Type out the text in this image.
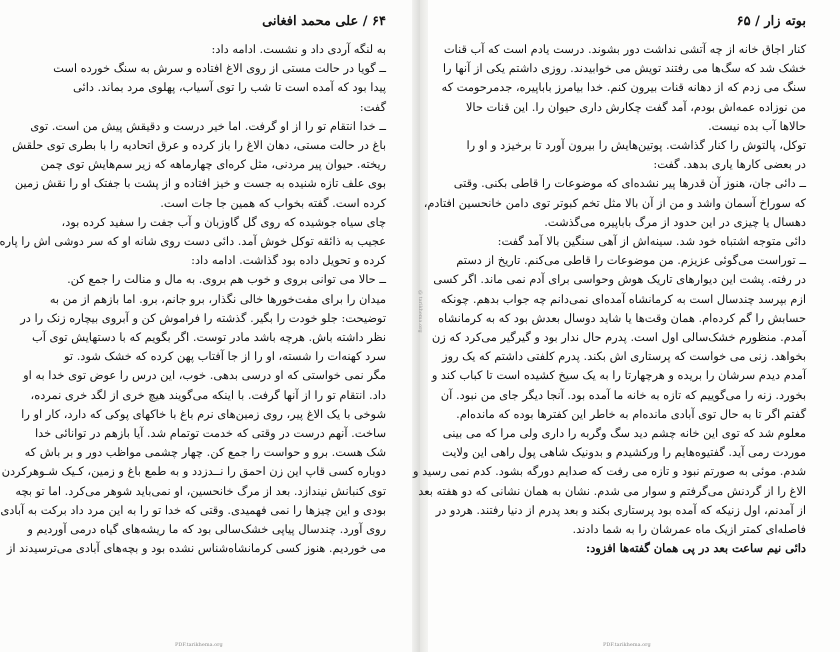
۶۴ / علی محمد افغانی
به لنگه آردی داد و نشست. ادامه داد:
ــ گویا در حالت مستی از روی الاغ افتاده و سرش به سنگ خورده است
پیدا بود که آمده است تا شب را توی آسیاب، پهلوی مرد بماند. دائی
گفت:
ــ خدا انتقام تو را از او گرفت. اما خیر درست و دقیقش پیش من است. توی
باغ در حالت مستی، دهان الاغ را باز کرده و عرق اتحادیه را با بطری توی حلقش
ریخته. حیوان پیر مردنی، مثل کره‌ای چهارماهه که زیر سم‌هایش توی چمن
بوی علف تازه شنیده به جست و خیز افتاده و از پشت با جفتک او را نقش زمین
کرده است. گفته بخواب که همین جا جات است.
چای سیاه جوشیده که روی گل گاوزبان و آب جفت را سفید کرده بود،
عجیب به ذائقه توکل خوش آمد. دائی دست روی شانه او که سر دوشی اش را پاره
کرده و تحویل داده بود گذاشت. ادامه داد:
ــ حالا می توانی بروی و خوب هم بروی. به مال و منالت را جمع کن.
میدان را برای مفت‌خورها خالی نگذار، برو جانم، برو. اما بازهم از من به
توضیحت: جلو خودت را بگیر. گذشته را فراموش کن و آبروی بیچاره زنک را در
نظر داشته باش. هرچه باشد مادر توست. اگر بگویم که با دستهایش توی آب
سرد کهنه‌ات را شسته، او را از جا آفتاب پهن کرده که خشک شود. تو
مگر نمی خواستی که او درسی بدهی. خوب، این درس را عوض توی خدا به او
داد. انتقام تو را از آنها گرفت. با اینکه می‌گویند هیچ خری از لگد خری نمرده،
شوخی با یک الاغ پیر، روی زمین‌های نرم باغ با خاکهای پوکی که دارد، کار او را
ساخت. آنهم درست در وقتی که خدمت توتمام شد. آیا بازهم در توانائی خدا
شک هست. برو و حواست را جمع کن. چهار چشمی مواظب دور و بر باش که
دوباره کسی قاپ این زن احمق را نــدزدد و به طمع باغ و زمین، کـیک شـوهرکردن
توی کنبانش نیندازد. بعد از مرگ خانحسین، او نمی‌باید شوهر می‌کرد. اما تو بچه
بودی و این چیزها را نمی فهمیدی. وقتی که خدا تو را به این مرد داد برکت به آبادی
روی آورد. چندسال پیاپی خشک‌سالی بود که ما ریشه‌های گیاه درمی آوردیم و
می خوردیم. هنوز کسی کرمانشاه‌شناس نشده بود و بچه‌های آبادی می‌ترسیدند از
PDF.tarikhema.org
@ tarikhema.org
بوته زار / ۶۵
کنار اجاق خانه از چه آتشی نداشت دور بشوند. درست یادم است که آب قنات
خشک شد که سگ‌ها می رفتند تویش می خوابیدند. روزی داشتم یکی از آنها را
سنگ می زدم که از دهانه قنات بیرون کنم. خدا بیامرز باباپیره، جدمرحومت که
من نوزاده عمه‌اش بودم، آمد گفت چکارش داری حیوان را. این قنات حالا
حالاها آب بده نیست.
توکل، پالتوش را کنار گذاشت. پوتین‌هایش را بیرون آورد تا برخیزد و او را
در بعضی کارها یاری بدهد. گفت:
ــ دائی جان، هنوز آن قدرها پیر نشده‌ای که موضوعات را قاطی بکنی. وقتی
که سوراخ آسمان واشد و من از آن بالا مثل تخم کبوتر توی دامن خانحسین افتادم،
دهسال یا چیزی در این حدود از مرگ باباپیره می‌گذشت.
دائی متوجه اشتباه خود شد. سینه‌اش از آهی سنگین بالا آمد گفت:
ــ توراست می‌گوئی عزیزم. من موضوعات را قاطی می‌کنم. تاریخ از دستم
در رفته. پشت این دیوارهای تاریک هوش وحواسی برای آدم نمی ماند. اگر کسی
ازم بپرسد چندسال است به کرمانشاه آمده‌ای نمی‌دانم چه جواب بدهم. چونکه
حسابش را گم کرده‌ام. همان وقت‌ها یا شاید دوسال بعدش بود که به کرمانشاه
آمدم. منظورم خشک‌سالی اول است. پدرم حال ندار بود و گیرگیر می‌کرد که زن
بخواهد. زنی می خواست که پرستاری اش بکند. پدرم کلفتی داشتم که یک روز
آمدم دیدم سرشان را بریده و هرچهارتا را به یک سیخ کشیده است تا کباب کند و
بخورد. زنه را می‌گوییم که تازه به خانه ما آمده بود. آنجا دیگر جای من نبود. آن
گفتم اگر تا به حال توی آبادی مانده‌ام به خاطر این کفترها بوده که مانده‌ام.
معلوم شد که توی این خانه چشم دید سگ وگربه را داری ولی مرا که می بینی
موردت رمی آید. گفتیوه‌هایم را ورکشیدم و بدونیک شاهی پول راهی این ولایت
شدم. موئی به صورتم نبود و تازه می رفت که صدایم دورگه بشود. کدم نمی رسید و
الاغ را از گردنش می‌گرفتم و سوار می شدم. نشان به همان نشانی که دو هفته بعد
از آمدنم، اول زنیکه که آمده بود پرستاری بکند و بعد پدرم از دنیا رفتند. هردو در
فاصله‌ای کمتر ازیک ماه عمرشان را به شما دادند.
دائی نیم ساعت بعد در پی همان گفته‌ها افزود:
PDF.tarikhema.org
